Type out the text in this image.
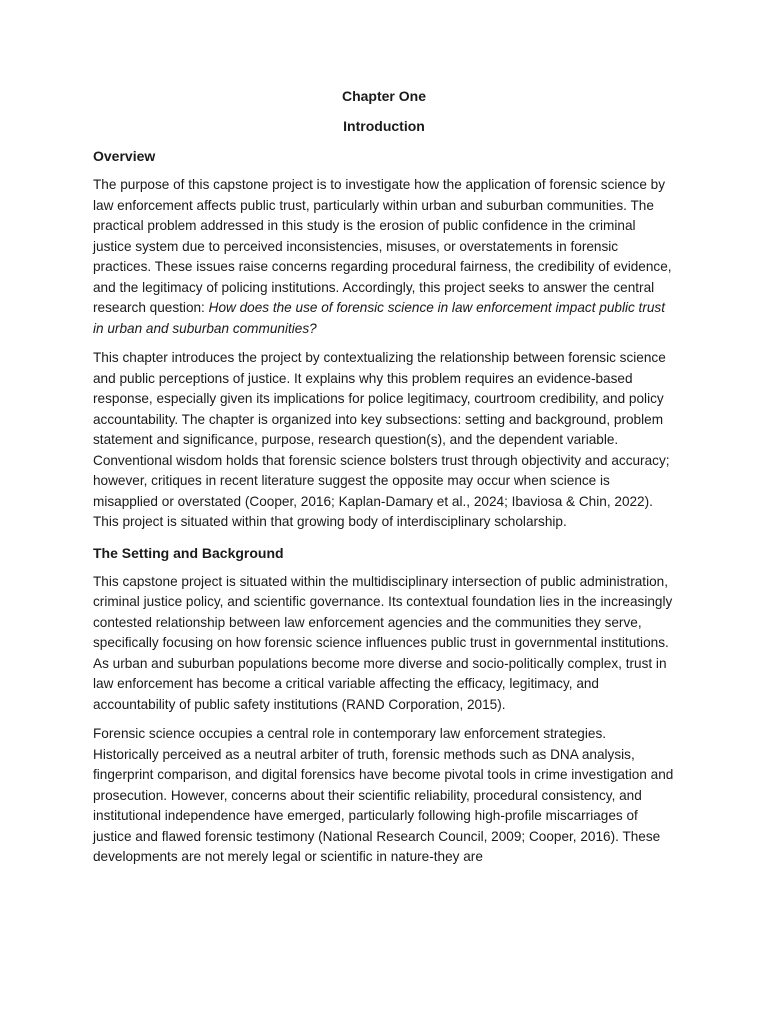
Chapter One
Introduction
Overview

The purpose of this capstone project is to investigate how the application of forensic science by law enforcement affects public trust, particularly within urban and suburban communities. The practical problem addressed in this study is the erosion of public confidence in the criminal justice system due to perceived inconsistencies, misuses, or overstatements in forensic practices. These issues raise concerns regarding procedural fairness, the credibility of evidence, and the legitimacy of policing institutions. Accordingly, this project seeks to answer the central research question: How does the use of forensic science in law enforcement impact public trust in urban and suburban communities?

This chapter introduces the project by contextualizing the relationship between forensic science and public perceptions of justice. It explains why this problem requires an evidence-based response, especially given its implications for police legitimacy, courtroom credibility, and policy accountability. The chapter is organized into key subsections: setting and background, problem statement and significance, purpose, research question(s), and the dependent variable. Conventional wisdom holds that forensic science bolsters trust through objectivity and accuracy; however, critiques in recent literature suggest the opposite may occur when science is misapplied or overstated (Cooper, 2016; Kaplan-Damary et al., 2024; Ibaviosa & Chin, 2022). This project is situated within that growing body of interdisciplinary scholarship.

The Setting and Background

This capstone project is situated within the multidisciplinary intersection of public administration, criminal justice policy, and scientific governance. Its contextual foundation lies in the increasingly contested relationship between law enforcement agencies and the communities they serve, specifically focusing on how forensic science influences public trust in governmental institutions. As urban and suburban populations become more diverse and socio-politically complex, trust in law enforcement has become a critical variable affecting the efficacy, legitimacy, and accountability of public safety institutions (RAND Corporation, 2015).

Forensic science occupies a central role in contemporary law enforcement strategies. Historically perceived as a neutral arbiter of truth, forensic methods such as DNA analysis, fingerprint comparison, and digital forensics have become pivotal tools in crime investigation and prosecution. However, concerns about their scientific reliability, procedural consistency, and institutional independence have emerged, particularly following high-profile miscarriages of justice and flawed forensic testimony (National Research Council, 2009; Cooper, 2016). These developments are not merely legal or scientific in nature-they are
